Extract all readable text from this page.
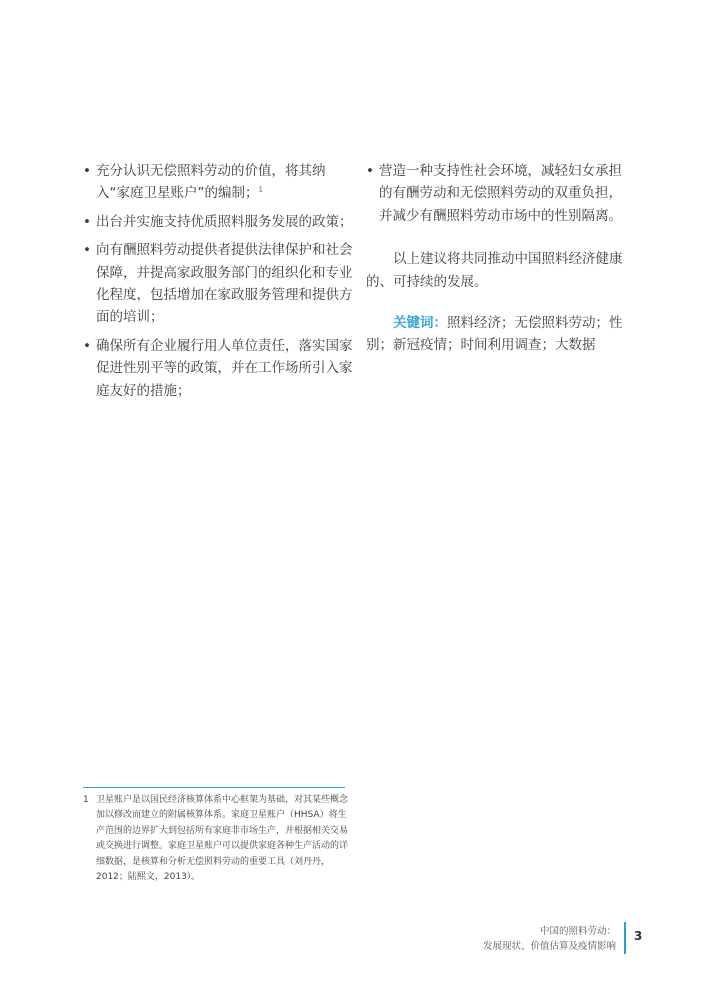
• 充分认识无偿照料劳动的价值，将其纳入“家庭卫星账户”的编制；$^1$
• 出台并实施支持优质照料服务发展的政策；
• 向有酬照料劳动提供者提供法律保护和社会保障，并提高家政服务部门的组织化和专业化程度，包括增加在家政服务管理和提供方面的培训；
• 确保所有企业履行用人单位责任，落实国家促进性别平等的政策，并在工作场所引入家庭友好的措施；
• 营造一种支持性社会环境，减轻妇女承担的有酬劳动和无偿照料劳动的双重负担，并减少有酬照料劳动市场中的性别隔离。

以上建议将共同推动中国照料经济健康的、可持续的发展。

关键词：照料经济；无偿照料劳动；性别；新冠疫情；时间利用调查；大数据

1 卫星账户是以国民经济核算体系中心框架为基础，对其某些概念加以修改而建立的附属核算体系。家庭卫星账户（HHSA）将生产范围的边界扩大到包括所有家庭非市场生产，并根据相关交易或交换进行调整。家庭卫星账户可以提供家庭各种生产活动的详细数据，是核算和分析无偿照料劳动的重要工具（刘丹丹，2012；陆熙文，2013）。
中国的照料劳动：
发展现状、价值估算及疫情影响
3
